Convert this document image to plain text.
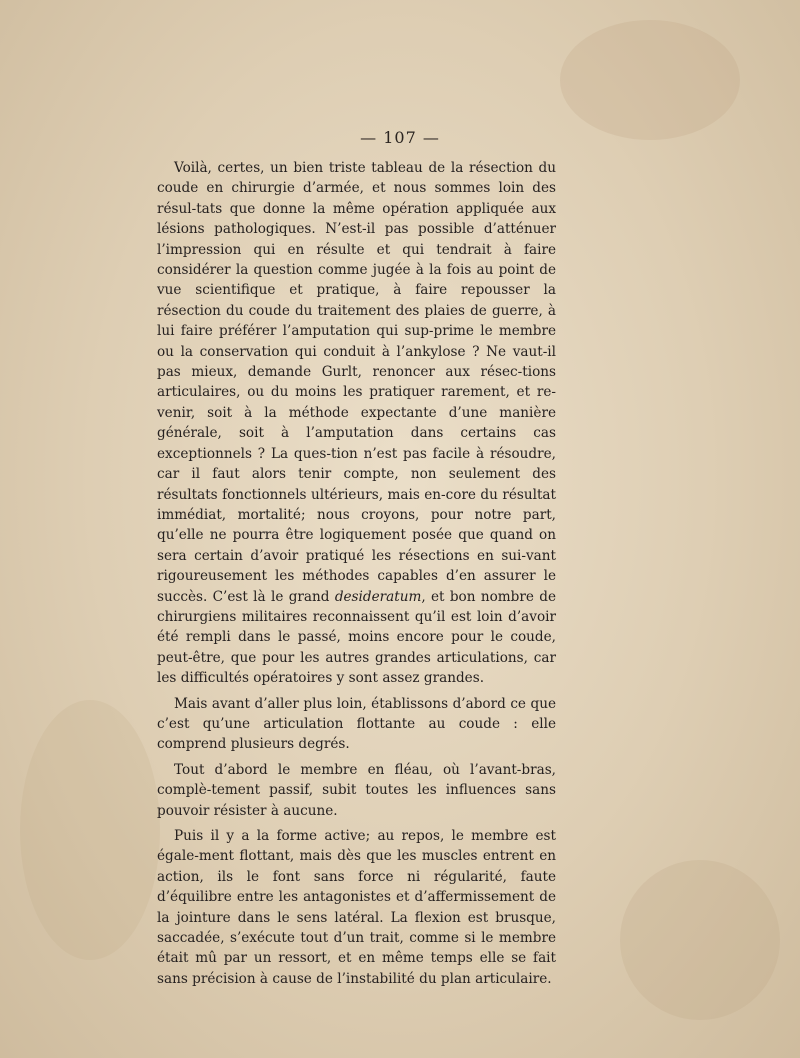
— 107 —

Voilà, certes, un bien triste tableau de la résection du coude en chirurgie d’armée, et nous sommes loin des résul-tats que donne la même opération appliquée aux lésions pathologiques. N’est-il pas possible d’atténuer l’impression qui en résulte et qui tendrait à faire considérer la question comme jugée à la fois au point de vue scientifique et pratique, à faire repousser la résection du coude du traitement des plaies de guerre, à lui faire préférer l’amputation qui sup-prime le membre ou la conservation qui conduit à l’ankylose ? Ne vaut-il pas mieux, demande Gurlt, renoncer aux résec-tions articulaires, ou du moins les pratiquer rarement, et re-venir, soit à la méthode expectante d’une manière générale, soit à l’amputation dans certains cas exceptionnels ? La ques-tion n’est pas facile à résoudre, car il faut alors tenir compte, non seulement des résultats fonctionnels ultérieurs, mais en-core du résultat immédiat, mortalité; nous croyons, pour notre part, qu’elle ne pourra être logiquement posée que quand on sera certain d’avoir pratiqué les résections en sui-vant rigoureusement les méthodes capables d’en assurer le succès. C’est là le grand desideratum, et bon nombre de chirurgiens militaires reconnaissent qu’il est loin d’avoir été rempli dans le passé, moins encore pour le coude, peut-être, que pour les autres grandes articulations, car les difficultés opératoires y sont assez grandes.

Mais avant d’aller plus loin, établissons d’abord ce que c’est qu’une articulation flottante au coude : elle comprend plusieurs degrés.

Tout d’abord le membre en fléau, où l’avant-bras, complè-tement passif, subit toutes les influences sans pouvoir résister à aucune.

Puis il y a la forme active; au repos, le membre est égale-ment flottant, mais dès que les muscles entrent en action, ils le font sans force ni régularité, faute d’équilibre entre les antagonistes et d’affermissement de la jointure dans le sens latéral. La flexion est brusque, saccadée, s’exécute tout d’un trait, comme si le membre était mû par un ressort, et en même temps elle se fait sans précision à cause de l’instabilité du plan articulaire.
